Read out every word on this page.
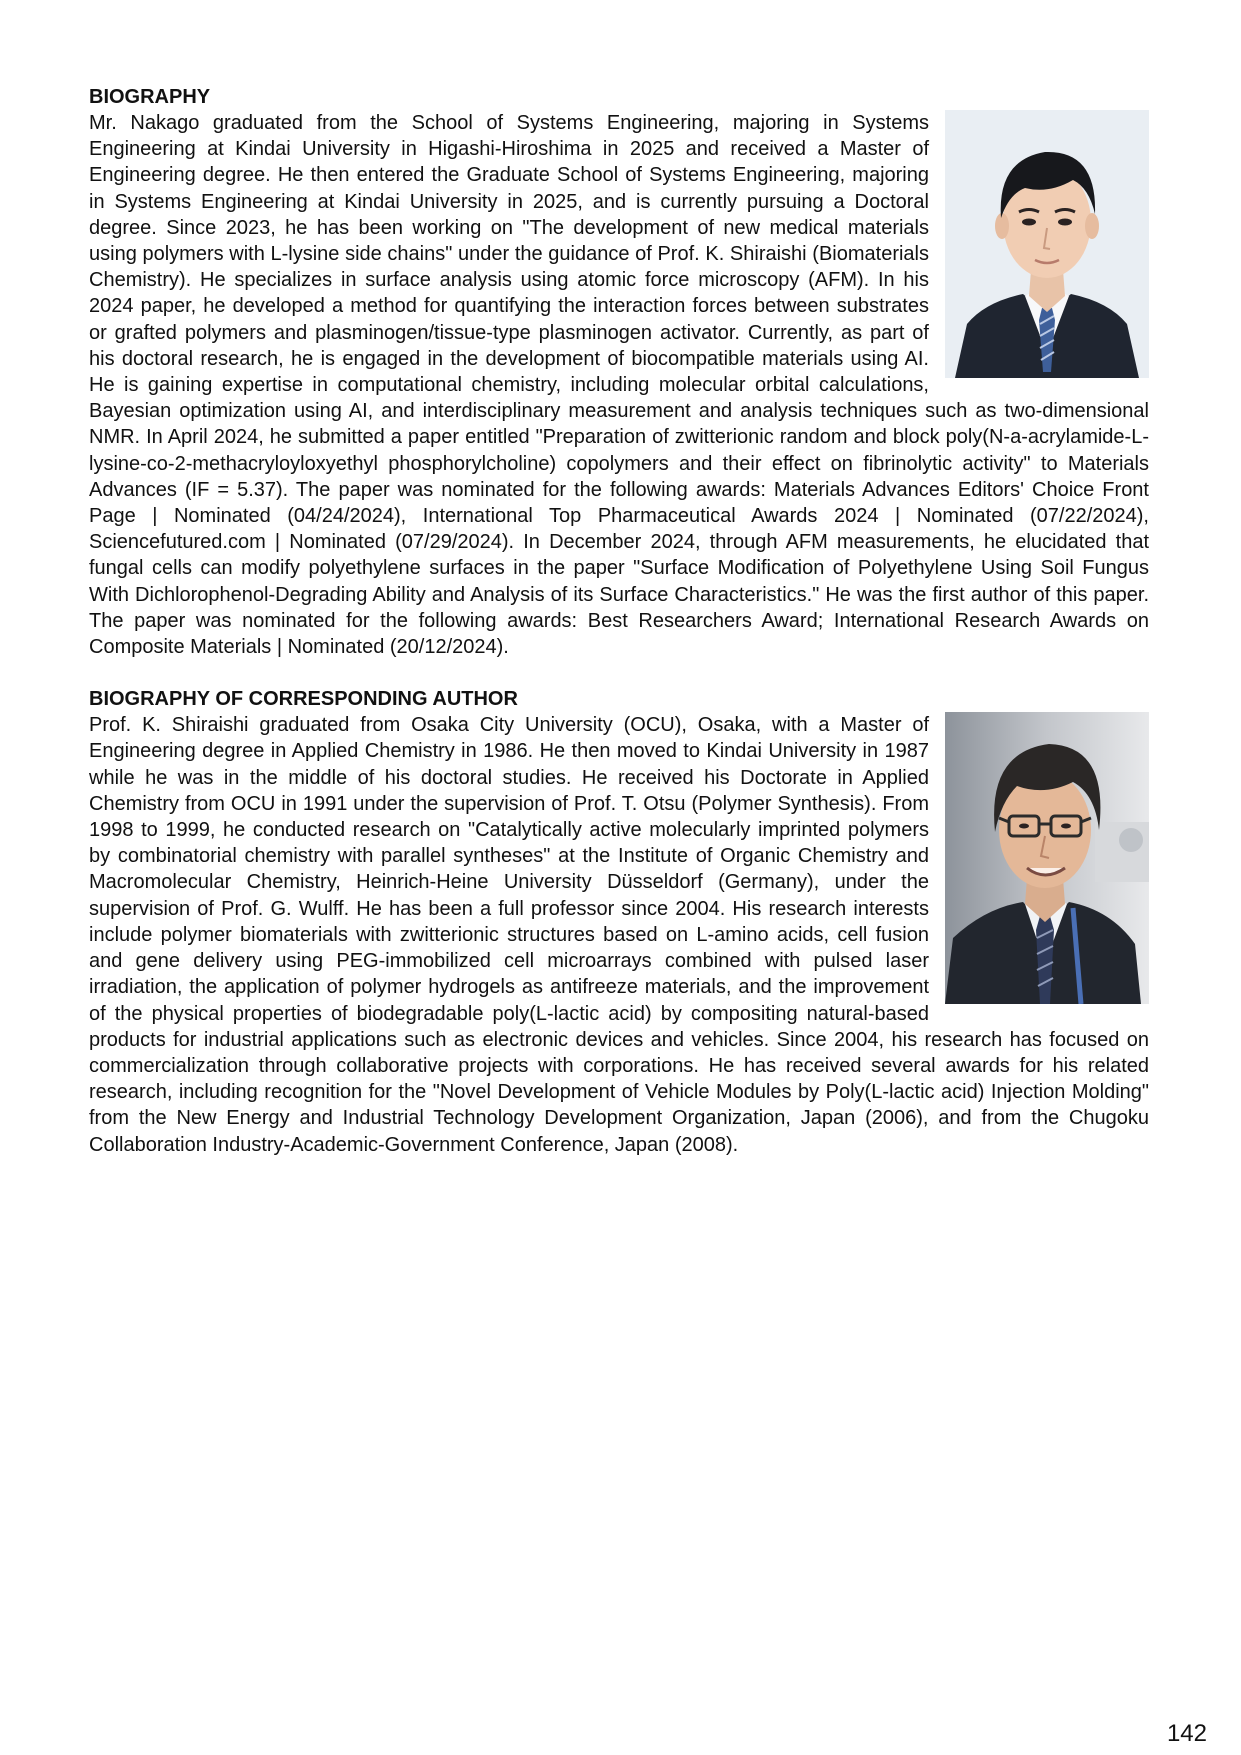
BIOGRAPHY

Mr. Nakago graduated from the School of Systems Engineering, majoring in Systems Engineering at Kindai University in Higashi-Hiroshima in 2025 and received a Master of Engineering degree. He then entered the Graduate School of Systems Engineering, majoring in Systems Engineering at Kindai University in 2025, and is currently pursuing a Doctoral degree. Since 2023, he has been working on "The development of new medical materials using polymers with L-lysine side chains" under the guidance of Prof. K. Shiraishi (Biomaterials Chemistry). He specializes in surface analysis using atomic force microscopy (AFM). In his 2024 paper, he developed a method for quantifying the interaction forces between substrates or grafted polymers and plasminogen/tissue-type plasminogen activator. Currently, as part of his doctoral research, he is engaged in the development of biocompatible materials using AI. He is gaining expertise in computational chemistry, including molecular orbital calculations, Bayesian optimization using AI, and interdisciplinary measurement and analysis techniques such as two-dimensional NMR. In April 2024, he submitted a paper entitled "Preparation of zwitterionic random and block poly(N-a-acrylamide-L-lysine-co-2-methacryloyloxyethyl phosphorylcholine) copolymers and their effect on fibrinolytic activity" to Materials Advances (IF = 5.37). The paper was nominated for the following awards: Materials Advances Editors' Choice Front Page | Nominated (04/24/2024), International Top Pharmaceutical Awards 2024 | Nominated (07/22/2024), Sciencefutured.com | Nominated (07/29/2024). In December 2024, through AFM measurements, he elucidated that fungal cells can modify polyethylene surfaces in the paper "Surface Modification of Polyethylene Using Soil Fungus With Dichlorophenol-Degrading Ability and Analysis of its Surface Characteristics." He was the first author of this paper. The paper was nominated for the following awards: Best Researchers Award; International Research Awards on Composite Materials | Nominated (20/12/2024).

BIOGRAPHY OF CORRESPONDING AUTHOR

Prof. K. Shiraishi graduated from Osaka City University (OCU), Osaka, with a Master of Engineering degree in Applied Chemistry in 1986. He then moved to Kindai University in 1987 while he was in the middle of his doctoral studies. He received his Doctorate in Applied Chemistry from OCU in 1991 under the supervision of Prof. T. Otsu (Polymer Synthesis). From 1998 to 1999, he conducted research on "Catalytically active molecularly imprinted polymers by combinatorial chemistry with parallel syntheses" at the Institute of Organic Chemistry and Macromolecular Chemistry, Heinrich-Heine University Düsseldorf (Germany), under the supervision of Prof. G. Wulff. He has been a full professor since 2004. His research interests include polymer biomaterials with zwitterionic structures based on L-amino acids, cell fusion and gene delivery using PEG-immobilized cell microarrays combined with pulsed laser irradiation, the application of polymer hydrogels as antifreeze materials, and the improvement of the physical properties of biodegradable poly(L-lactic acid) by compositing natural-based products for industrial applications such as electronic devices and vehicles. Since 2004, his research has focused on commercialization through collaborative projects with corporations. He has received several awards for his related research, including recognition for the "Novel Development of Vehicle Modules by Poly(L-lactic acid) Injection Molding" from the New Energy and Industrial Technology Development Organization, Japan (2006), and from the Chugoku Collaboration Industry-Academic-Government Conference, Japan (2008).

142
